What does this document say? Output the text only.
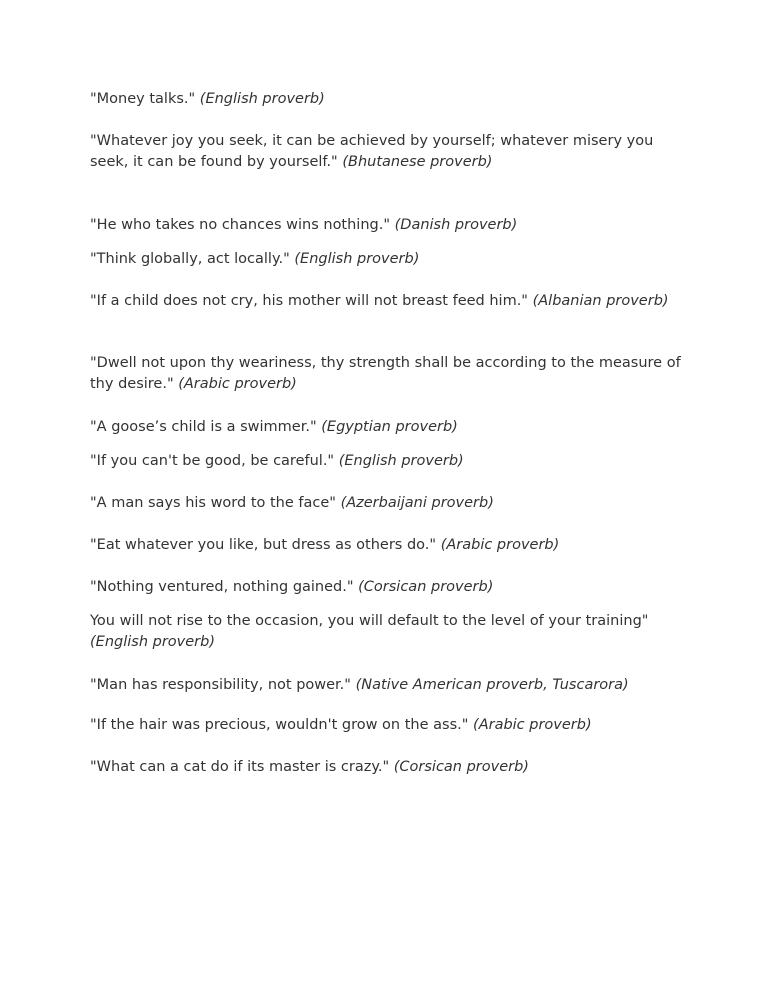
"Money talks." (English proverb)

"Whatever joy you seek, it can be achieved by yourself; whatever misery you seek, it can be found by yourself." (Bhutanese proverb)

"He who takes no chances wins nothing." (Danish proverb)

"Think globally, act locally." (English proverb)

"If a child does not cry, his mother will not breast feed him." (Albanian proverb)

"Dwell not upon thy weariness, thy strength shall be according to the measure of thy desire." (Arabic proverb)

"A goose’s child is a swimmer." (Egyptian proverb)

"If you can't be good, be careful." (English proverb)

"A man says his word to the face" (Azerbaijani proverb)

"Eat whatever you like, but dress as others do." (Arabic proverb)

"Nothing ventured, nothing gained." (Corsican proverb)

You will not rise to the occasion, you will default to the level of your training" (English proverb)

"Man has responsibility, not power." (Native American proverb, Tuscarora)

"If the hair was precious, wouldn't grow on the ass." (Arabic proverb)

"What can a cat do if its master is crazy." (Corsican proverb)
